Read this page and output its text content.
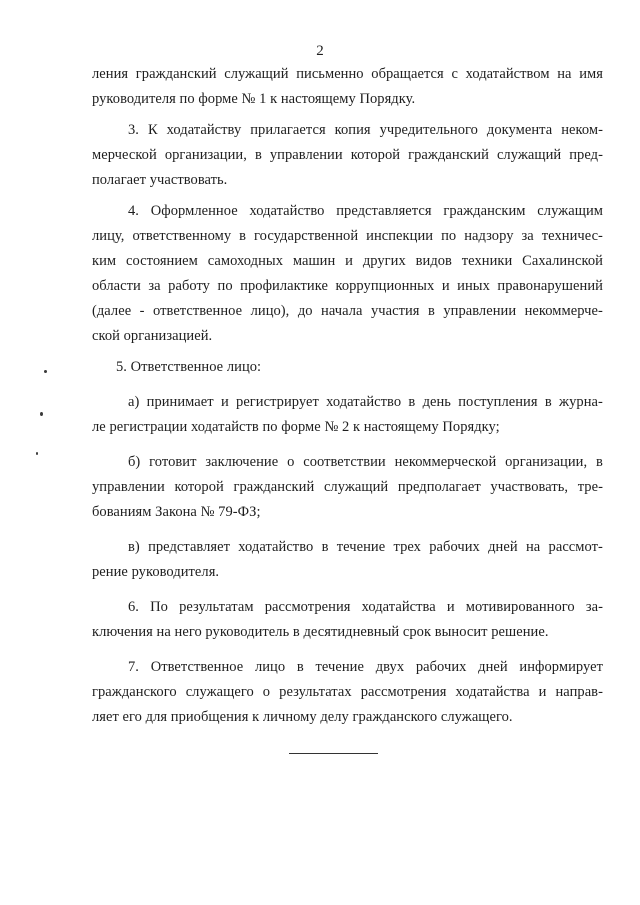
2
ления гражданский служащий письменно обращается с ходатайством на имя
руководителя по форме № 1 к настоящему Порядку.
3. К ходатайству прилагается копия учредительного документа неком-
мерческой организации, в управлении которой гражданский служащий пред-
полагает участвовать.
4. Оформленное ходатайство представляется гражданским служащим
лицу, ответственному в государственной инспекции по надзору за техничес-
ким состоянием самоходных машин и других видов техники Сахалинской
области за работу по профилактике коррупционных и иных правонарушений
(далее - ответственное лицо), до начала участия в управлении некоммерче-
ской организацией.
5. Ответственное лицо:
а) принимает и регистрирует ходатайство в день поступления в журна-
ле регистрации ходатайств по форме № 2 к настоящему Порядку;
б) готовит заключение о соответствии некоммерческой организации, в
управлении которой гражданский служащий предполагает участвовать, тре-
бованиям Закона № 79-ФЗ;
в) представляет ходатайство в течение трех рабочих дней на рассмот-
рение руководителя.
6. По результатам рассмотрения ходатайства и мотивированного за-
ключения на него руководитель в десятидневный срок выносит решение.
7. Ответственное лицо в течение двух рабочих дней информирует
гражданского служащего о результатах рассмотрения ходатайства и направ-
ляет его для приобщения к личному делу гражданского служащего.
